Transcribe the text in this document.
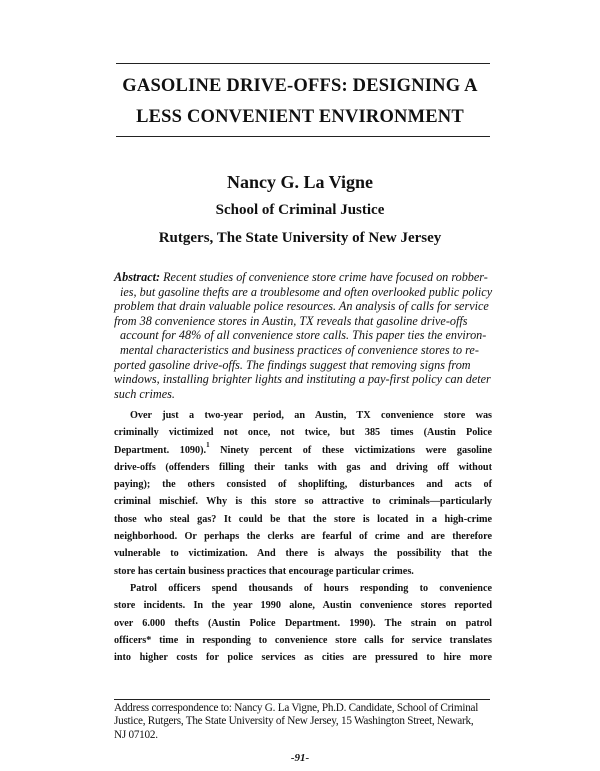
GASOLINE DRIVE-OFFS: DESIGNING A
LESS CONVENIENT ENVIRONMENT
Nancy G. La Vigne
School of Criminal Justice
Rutgers, The State University of New Jersey
Abstract: Recent studies of convenience store crime have focused on robber-
ies, but gasoline thefts are a troublesome and often overlooked public policy
problem that drain valuable police resources. An analysis of calls for service
from 38 convenience stores in Austin, TX reveals that gasoline drive-offs
account for 48% of all convenience store calls. This paper ties the environ-
mental characteristics and business practices of convenience stores to re-
ported gasoline drive-offs. The findings suggest that removing signs from
windows, installing brighter lights and instituting a pay-first policy can deter
such crimes.
Over just a two-year period, an Austin, TX convenience store was
criminally victimized not once, not twice, but 385 times (Austin Police
Department. 1090).$^1$ Ninety percent of these victimizations were gasoline
drive-offs (offenders filling their tanks with gas and driving off without
paying); the others consisted of shoplifting, disturbances and acts of
criminal mischief. Why is this store so attractive to criminals—particularly
those who steal gas? It could be that the store is located in a high-crime
neighborhood. Or perhaps the clerks are fearful of crime and are therefore
vulnerable to victimization. And there is always the possibility that the
store has certain business practices that encourage particular crimes.
Patrol officers spend thousands of hours responding to convenience
store incidents. In the year 1990 alone, Austin convenience stores reported
over 6.000 thefts (Austin Police Department. 1990). The strain on patrol
officers* time in responding to convenience store calls for service translates
into higher costs for police services as cities are pressured to hire more
Address correspondence to: Nancy G. La Vigne, Ph.D. Candidate, School of Criminal
Justice, Rutgers, The State University of New Jersey, 15 Washington Street, Newark,
NJ 07102.
-91-
